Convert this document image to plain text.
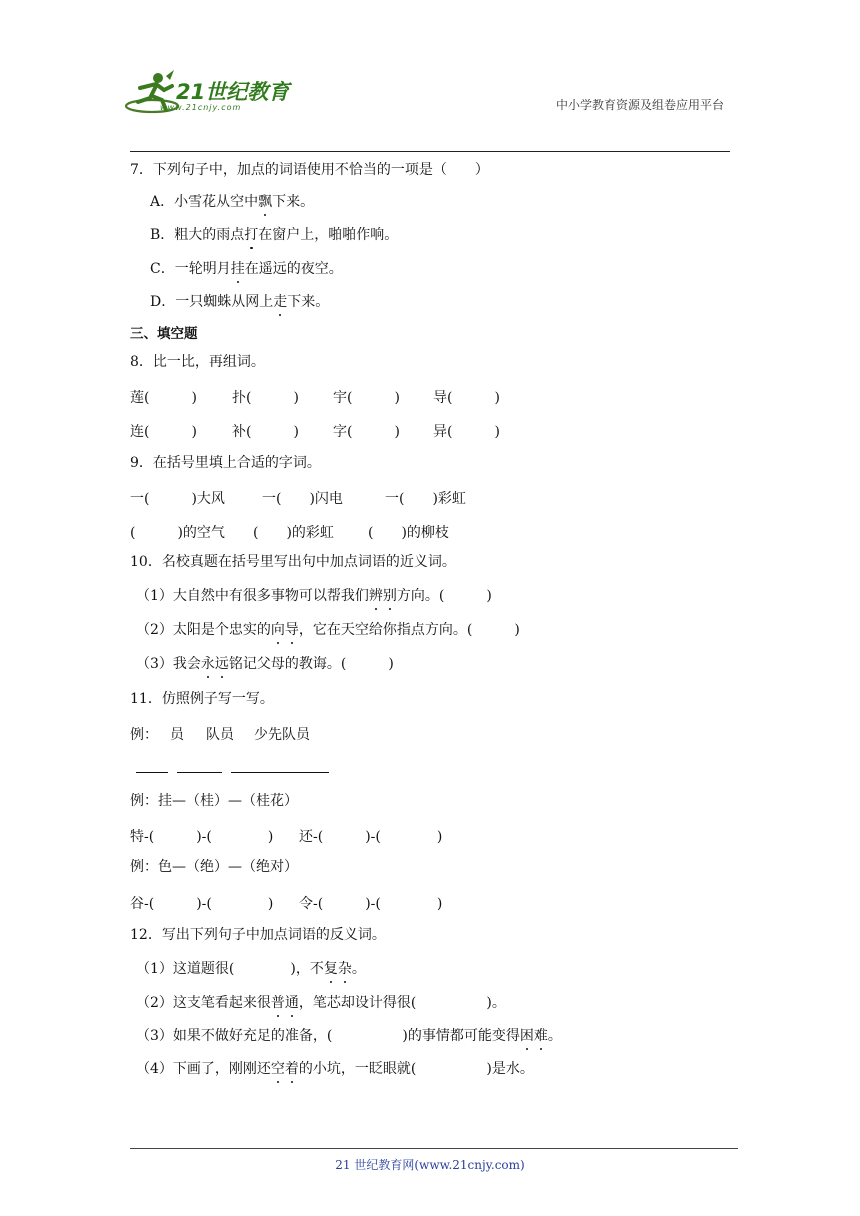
21世纪教育
www.21cnjy.com	中小学教育资源及组卷应用平台
7．下列句子中，加点的词语使用不恰当的一项是（　　）
A．小雪花从空中飘下来。
B．粗大的雨点打在窗户上，啪啪作响。
C．一轮明月挂在遥远的夜空。
D．一只蜘蛛从网上走下来。
三、填空题
8．比一比，再组词。
莲(　　　)	扑(　　　) 宇(　　　) 导(　　　)
连(　　　)	补(　　　) 字(　　　) 异(　　　)
9．在括号里填上合适的字词。
一(　　　)大风	一(　　)闪电	一(　　)彩虹
(　　　)的空气 (　　)的彩虹 (　　)的柳枝
10．名校真题在括号里写出句中加点词语的近义词。
（1）大自然中有很多事物可以帮我们辨别方向。(　　　)
（2）太阳是个忠实的向导，它在天空给你指点方向。(　　　)
（3）我会永远铭记父母的教诲。(　　　)
11．仿照例子写一写。
例： 员 队员 少先队员
例：挂—（桂）—（桂花）
特-(　　　)-(　　　　) 还-(　　　)-(　　　　)
例：色—（绝）—（绝对）
谷-(　　　)-(　　　　) 令-(　　　)-(　　　　)
12．写出下列句子中加点词语的反义词。
（1）这道题很(　　　　)，不复杂。
（2）这支笔看起来很普通，笔芯却设计得很(　　　　　)。
（3）如果不做好充足的准备，(　　　　　)的事情都可能变得困难。
（4）下画了，刚刚还空着的小坑，一眨眼就(　　　　　)是水。
21 世纪教育网(www.21cnjy.com)
